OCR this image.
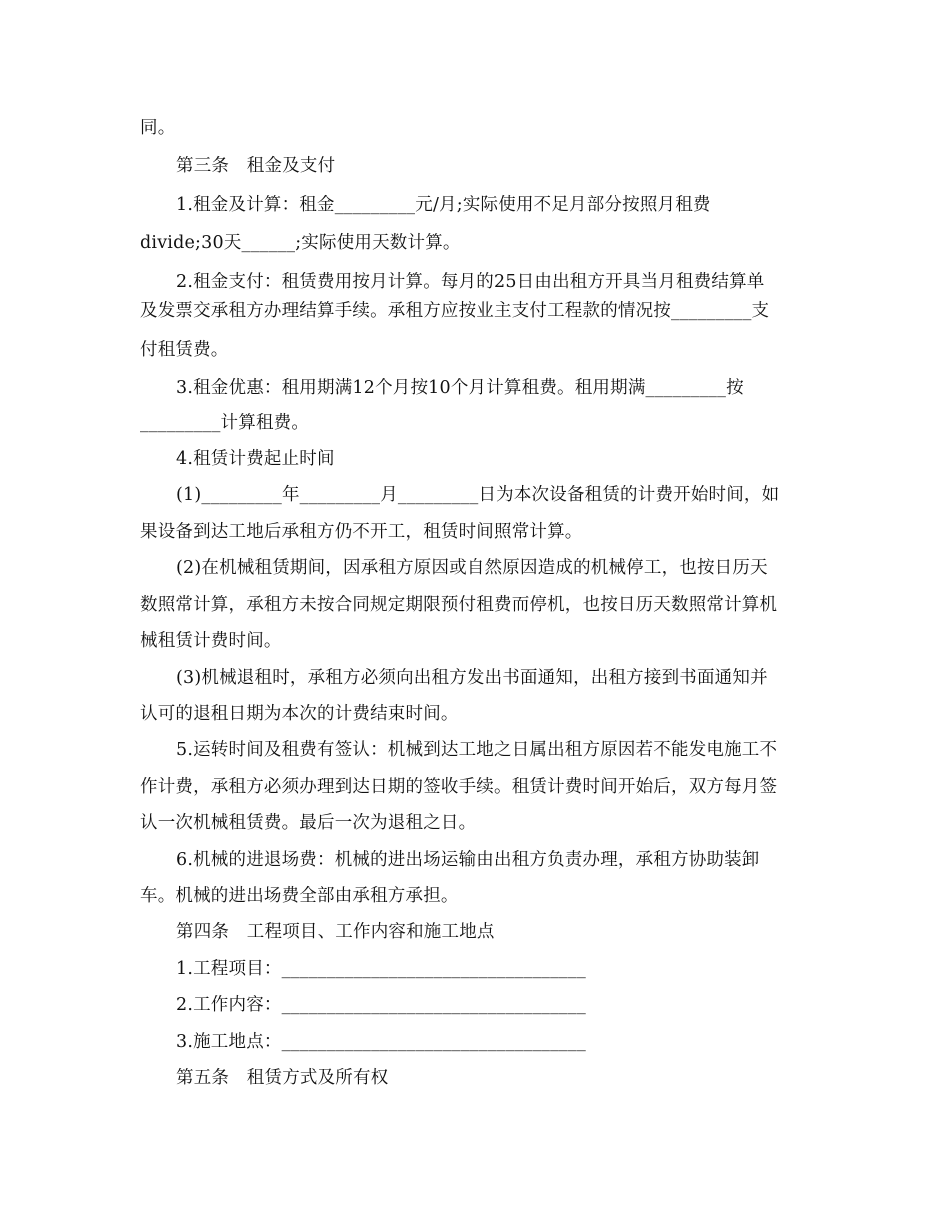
同。
第三条　租金及支付
1.租金及计算：租金_________元/月;实际使用不足月部分按照月租费
divide;30天______;实际使用天数计算。
2.租金支付：租赁费用按月计算。每月的25日由出租方开具当月租费结算单
及发票交承租方办理结算手续。承租方应按业主支付工程款的情况按_________支
付租赁费。
3.租金优惠：租用期满12个月按10个月计算租费。租用期满_________按
_________计算租费。
4.租赁计费起止时间
(1)_________年_________月_________日为本次设备租赁的计费开始时间，如
果设备到达工地后承租方仍不开工，租赁时间照常计算。
(2)在机械租赁期间，因承租方原因或自然原因造成的机械停工，也按日历天
数照常计算，承租方未按合同规定期限预付租费而停机，也按日历天数照常计算机
械租赁计费时间。
(3)机械退租时，承租方必须向出租方发出书面通知，出租方接到书面通知并
认可的退租日期为本次的计费结束时间。
5.运转时间及租费有签认：机械到达工地之日属出租方原因若不能发电施工不
作计费，承租方必须办理到达日期的签收手续。租赁计费时间开始后，双方每月签
认一次机械租赁费。最后一次为退租之日。
6.机械的进退场费：机械的进出场运输由出租方负责办理，承租方协助装卸
车。机械的进出场费全部由承租方承担。
第四条　工程项目、工作内容和施工地点
1.工程项目：__________________________________
2.工作内容：__________________________________
3.施工地点：__________________________________
第五条　租赁方式及所有权
